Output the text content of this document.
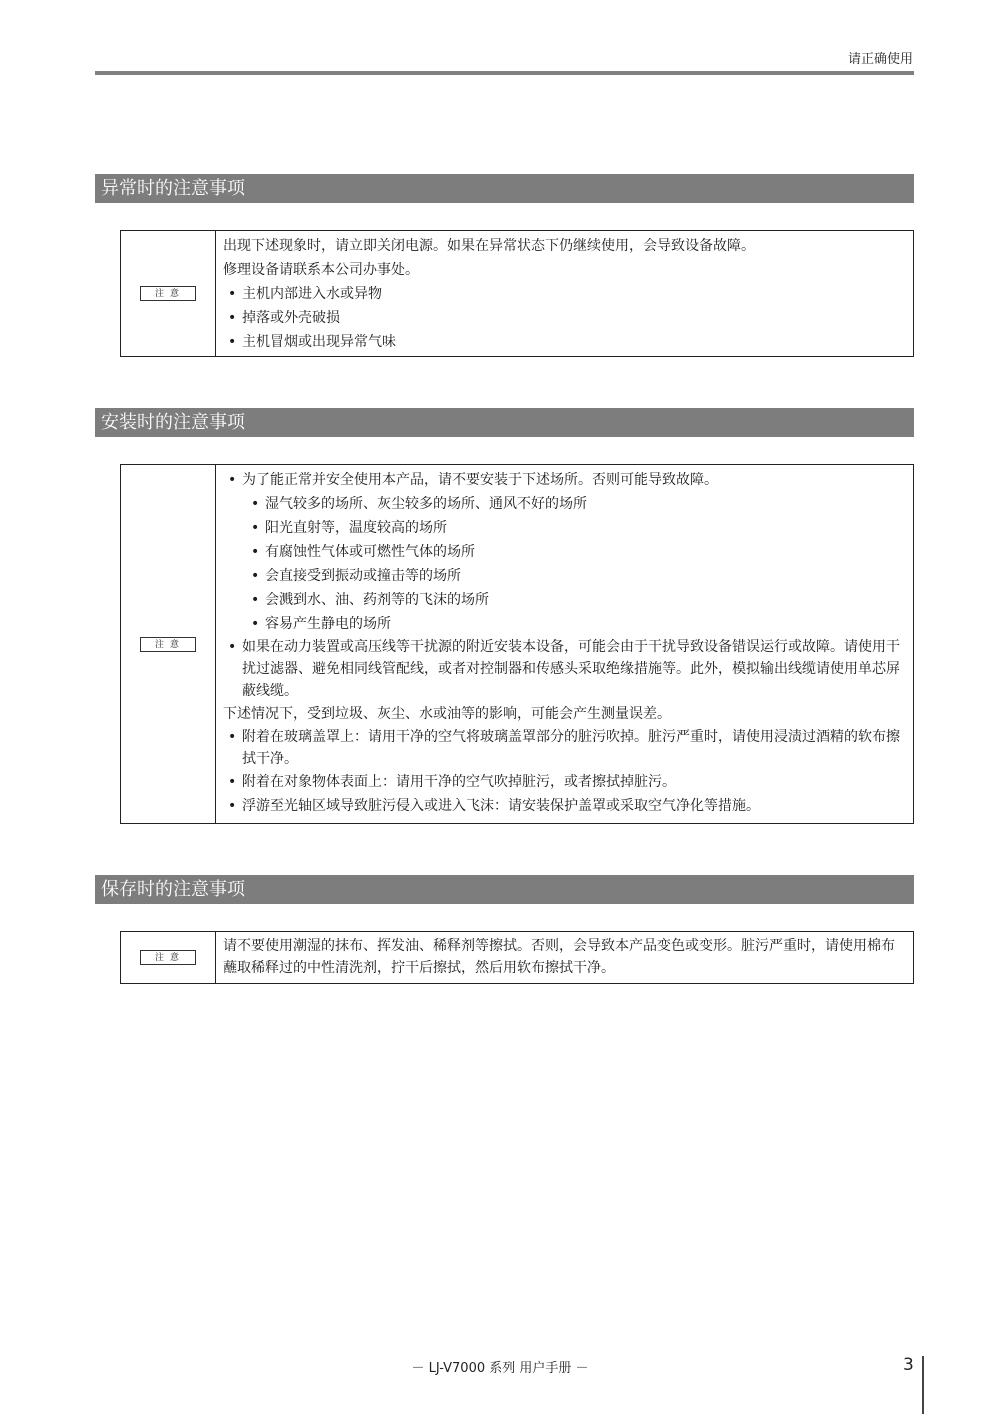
请正确使用
异常时的注意事项
注意

出现下述现象时，请立即关闭电源。如果在异常状态下仍继续使用，会导致设备故障。

修理设备请联系本公司办事处。

• 主机内部进入水或异物

• 掉落或外壳破损

• 主机冒烟或出现异常气味

安装时的注意事项
注意

• 为了能正常并安全使用本产品，请不要安装于下述场所。否则可能导致故障。

• 湿气较多的场所、灰尘较多的场所、通风不好的场所

• 阳光直射等，温度较高的场所

• 有腐蚀性气体或可燃性气体的场所

• 会直接受到振动或撞击等的场所

• 会溅到水、油、药剂等的飞沫的场所

• 容易产生静电的场所

• 如果在动力装置或高压线等干扰源的附近安装本设备，可能会由于干扰导致设备错误运行或故障。请使用干扰过滤器、避免相同线管配线，或者对控制器和传感头采取绝缘措施等。此外，模拟输出线缆请使用单芯屏蔽线缆。

下述情况下，受到垃圾、灰尘、水或油等的影响，可能会产生测量误差。

• 附着在玻璃盖罩上：请用干净的空气将玻璃盖罩部分的脏污吹掉。脏污严重时，请使用浸渍过酒精的软布擦拭干净。

• 附着在对象物体表面上：请用干净的空气吹掉脏污，或者擦拭掉脏污。

• 浮游至光轴区域导致脏污侵入或进入飞沫：请安装保护盖罩或采取空气净化等措施。

保存时的注意事项
注意

请不要使用潮湿的抹布、挥发油、稀释剂等擦拭。否则，会导致本产品变色或变形。脏污严重时，请使用棉布蘸取稀释过的中性清洗剂，拧干后擦拭，然后用软布擦拭干净。

－ LJ-V7000 系列 用户手册 －	3
